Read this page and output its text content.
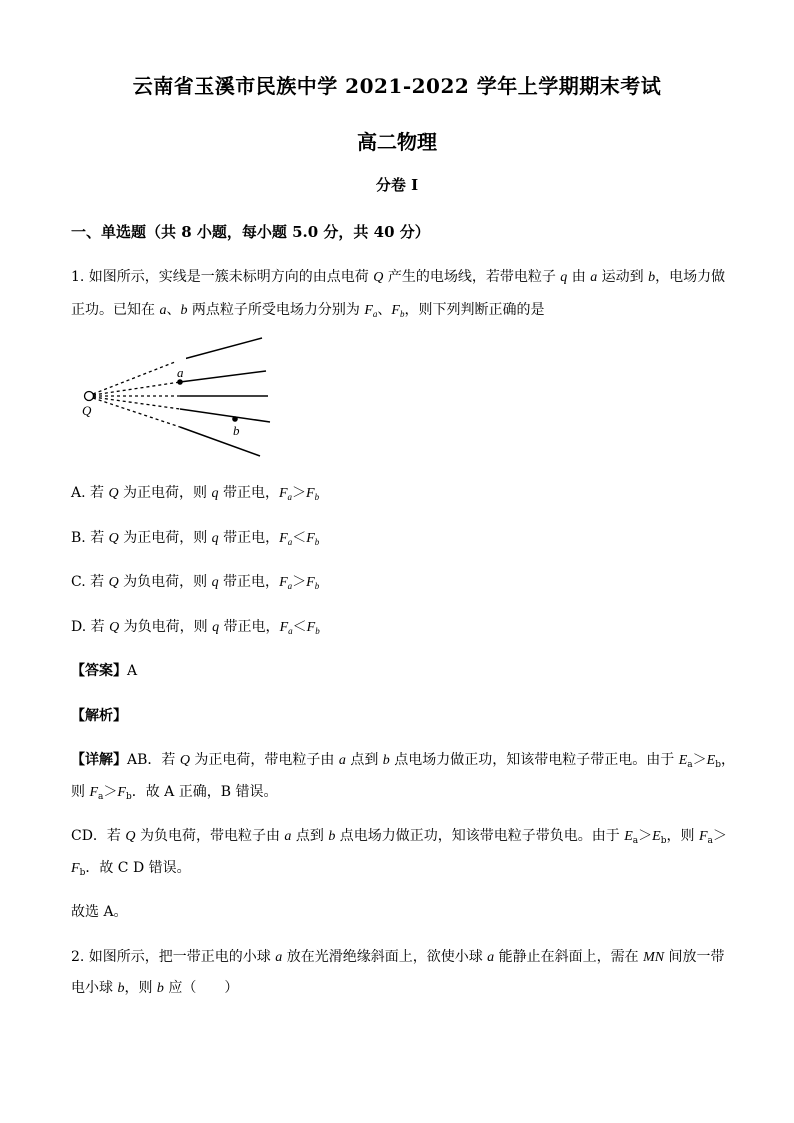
云南省玉溪市民族中学 2021-2022 学年上学期期末考试
高二物理
分卷 I
一、单选题（共 8 小题，每小题 5.0 分，共 40 分）
1. 如图所示，实线是一簇未标明方向的由点电荷 Q 产生的电场线，若带电粒子 q 由 a 运动到 b，电场力做
正功。已知在 a、b 两点粒子所受电场力分别为 $F_a$、$F_b$，则下列判断正确的是
a
b
Q
A. 若 Q 为正电荷，则 q 带正电，$F_a>F_b$
B. 若 Q 为正电荷，则 q 带正电，$F_a<F_b$
C. 若 Q 为负电荷，则 q 带正电，$F_a>F_b$
D. 若 Q 为负电荷，则 q 带正电，$F_a<F_b$
【答案】A
【解析】
【详解】AB．若 Q 为正电荷，带电粒子由 a 点到 b 点电场力做正功，知该带电粒子带正电。由于 $E_a>E_b$，
则 $F_a>F_b$．故 A 正确，B 错误。
CD．若 Q 为负电荷，带电粒子由 a 点到 b 点电场力做正功，知该带电粒子带负电。由于 $E_a>E_b$，则 $F_a>$
$F_b$．故 C D 错误。
故选 A。
2. 如图所示，把一带正电的小球 a 放在光滑绝缘斜面上，欲使小球 a 能静止在斜面上，需在 MN 间放一带
电小球 b，则 b 应（　　）
